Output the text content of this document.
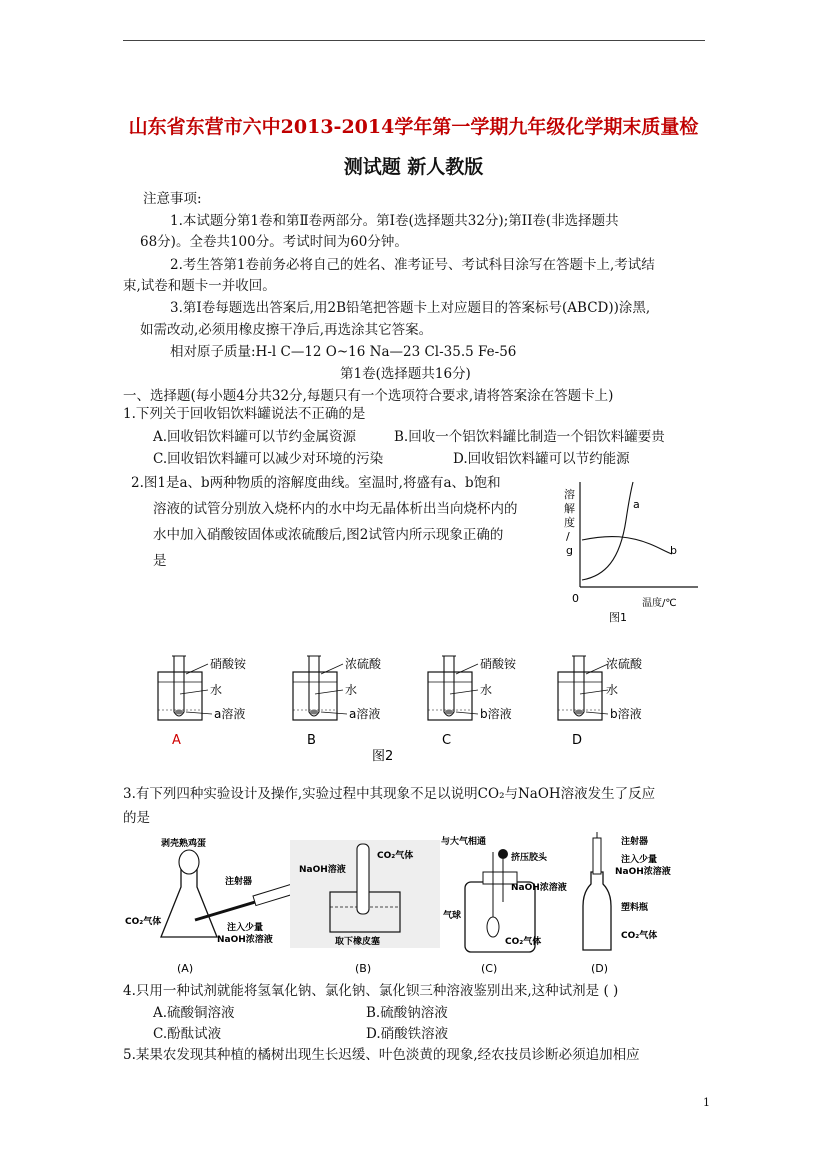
山东省东营市六中2013-2014学年第一学期九年级化学期末质量检
测试题 新人教版
注意事项:
1.本试题分第1卷和第Ⅱ卷两部分。第Ⅰ卷(选择题共32分);第ⅠⅠ卷(非选择题共
68分)。全卷共100分。考试时间为60分钟。
2.考生答第1卷前务必将自己的姓名、准考证号、考试科目涂写在答题卡上,考试结
束,试卷和题卡一并收回。
3.第Ⅰ卷每题选出答案后,用2B铅笔把答题卡上对应题目的答案标号(ABCD))涂黑,
如需改动,必须用橡皮擦干净后,再选涂其它答案。
相对原子质量:H-l C—12 O~16 Na—23 Cl-35.5 Fe-56
第1卷(选择题共16分)
一、选择题(每小题4分共32分,每题只有一个选项符合要求,请将答案涂在答题卡上)
1.下列关于回收铝饮料罐说法不正确的是
A.回收铝饮料罐可以节约金属资源	B.回收一个铝饮料罐比制造一个铝饮料罐要贵
C.回收铝饮料罐可以减少对环境的污染	D.回收铝饮料罐可以节约能源
2.图1是a、b两种物质的溶解度曲线。室温时,将盛有a、b饱和
溶液的试管分别放入烧杯内的水中均无晶体析出当向烧杯内的
水中加入硝酸铵固体或浓硫酸后,图2试管内所示现象正确的
是
溶
解
度
/
g
0	温度/℃
a
b
图1
硝酸铵
水
a溶液
A
浓硫酸
水
a溶液
B
硝酸铵
水
b溶液
C
浓硫酸
水
b溶液
D
图2
3.有下列四种实验设计及操作,实验过程中其现象不足以说明CO₂与NaOH溶液发生了反应
的是
剥壳熟鸡蛋
注射器
CO₂气体
注入少量
NaOH浓溶液
(A)
NaOH溶液
CO₂气体
取下橡皮塞
(B)
与大气相通
挤压胶头
NaOH浓溶液
气球
CO₂气体
(C)
注射器
注入少量
NaOH浓溶液
塑料瓶
CO₂气体
(D)
4.只用一种试剂就能将氢氧化钠、氯化钠、氯化钡三种溶液鉴别出来,这种试剂是 ( )
A.硫酸铜溶液	B.硫酸钠溶液
C.酚酞试液	D.硝酸铁溶液
5.某果农发现其种植的橘树出现生长迟缓、叶色淡黄的现象,经农技员诊断必须追加相应
1
